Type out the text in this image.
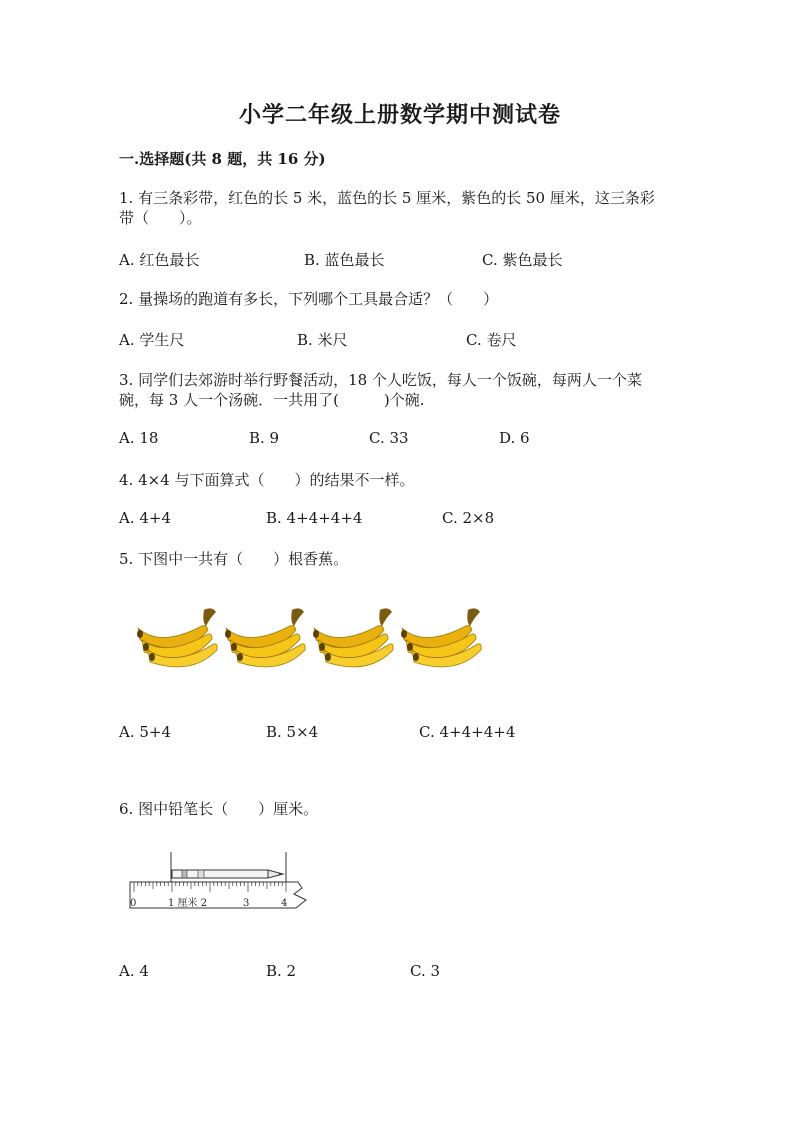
小学二年级上册数学期中测试卷
一.选择题(共 8 题，共 16 分)
1. 有三条彩带，红色的长 5 米，蓝色的长 5 厘米，紫色的长 50 厘米，这三条彩
带（　　）。
A. 红色最长	B. 蓝色最长	C. 紫色最长
2. 量操场的跑道有多长，下列哪个工具最合适？（　　）
A. 学生尺	B. 米尺	C. 卷尺
3. 同学们去郊游时举行野餐活动，18 个人吃饭，每人一个饭碗，每两人一个菜
碗，每 3 人一个汤碗．一共用了(　　　)个碗.
A. 18	B. 9	C. 33	D. 6
4. 4×4 与下面算式（　　）的结果不一样。
A. 4+4	B. 4+4+4+4	C. 2×8
5. 下图中一共有（　　）根香蕉。
A. 5+4	B. 5×4	C. 4+4+4+4
6. 图中铅笔长（　　）厘米。
0	1 厘米 2	3	4
A. 4	B. 2	C. 3
